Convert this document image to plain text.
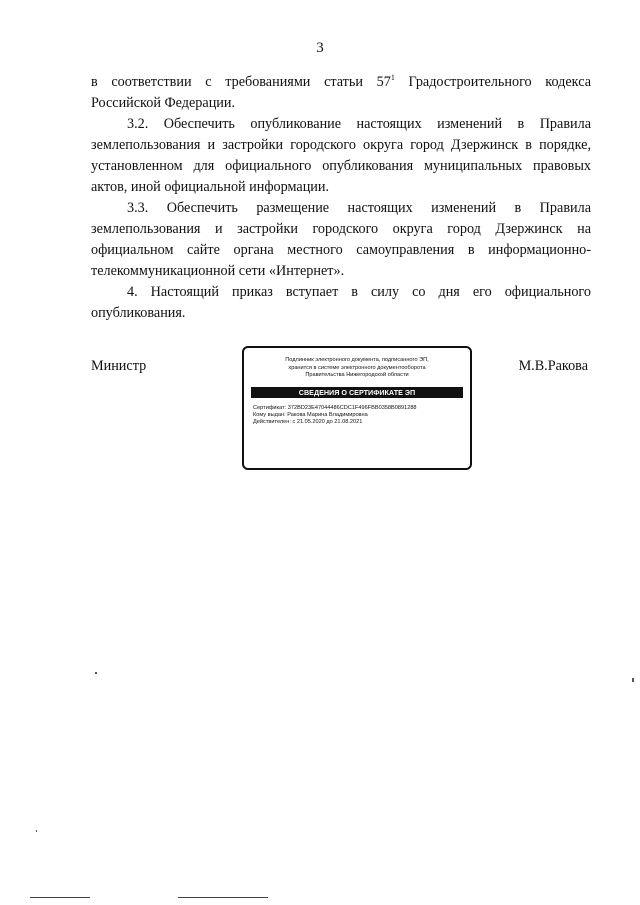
3

в соответствии с требованиями статьи $57^1$ Градостроительного кодекса Российской Федерации.

3.2. Обеспечить опубликование настоящих изменений в Правила землепользования и застройки городского округа город Дзержинск в порядке, установленном для официального опубликования муниципальных правовых актов, иной официальной информации.

3.3. Обеспечить размещение настоящих изменений в Правила землепользования и застройки городского округа город Дзержинск на официальном сайте органа местного самоуправления в информационно-телекоммуникационной сети «Интернет».

4. Настоящий приказ вступает в силу со дня его официального опубликования.

Министр	М.В.Ракова
Подлинник электронного документа, подписанного ЭП,
хранится в системе электронного документооборота
Правительства Нижегородской области
СВЕДЕНИЯ О СЕРТИФИКАТЕ ЭП
Сертификат: 372BD23E47044486CDC1F496FBB0358B0891288
Кому выдан: Ракова Марина Владимировна
Действителен: с 21.05.2020 до 21.08.2021
